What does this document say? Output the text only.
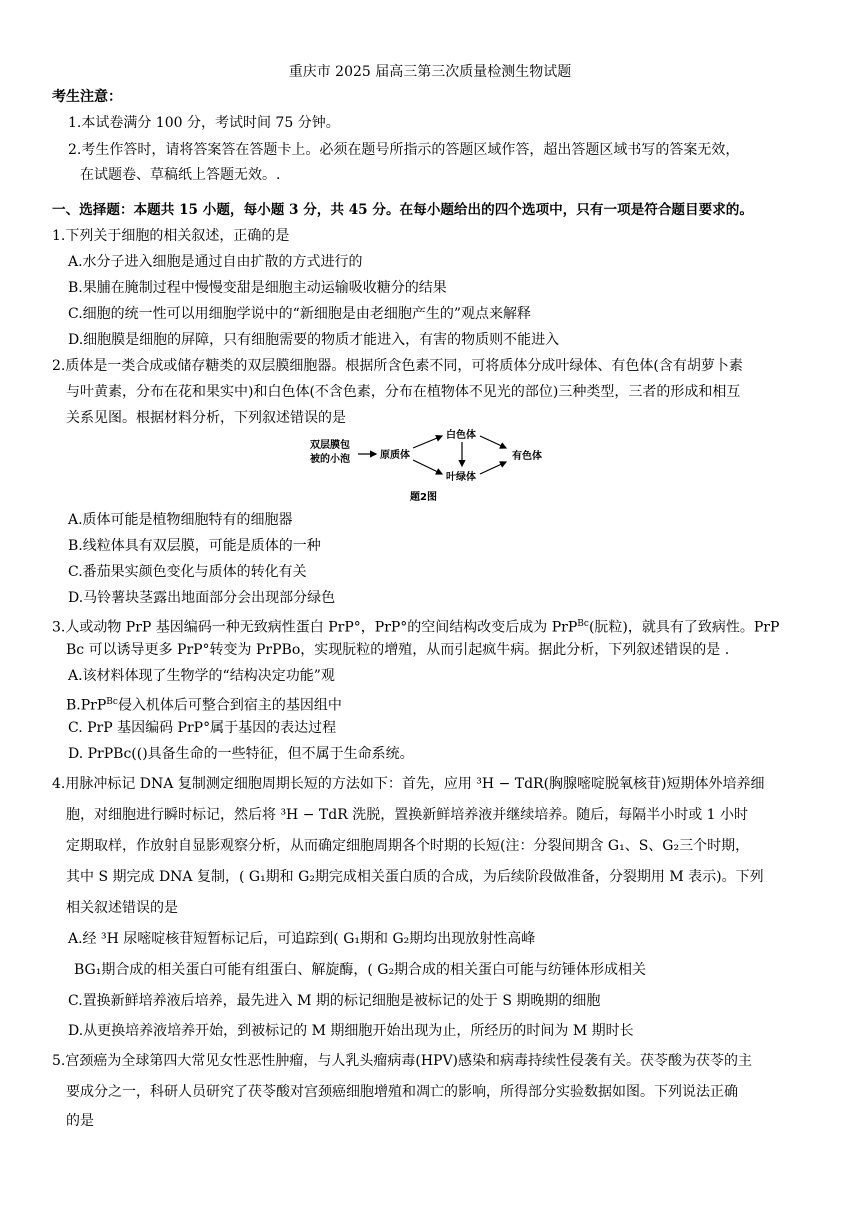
重庆市 2025 届高三第三次质量检测生物试题
考生注意：
1.本试卷满分 100 分，考试时间 75 分钟。
2.考生作答时，请将答案答在答题卡上。必须在题号所指示的答题区域作答，超出答题区域书写的答案无效，
在试题卷、草稿纸上答题无效。.
一、选择题：本题共 15 小题，每小题 3 分，共 45 分。在每小题给出的四个选项中，只有一项是符合题目要求的。
1.下列关于细胞的相关叙述，正确的是
A.水分子进入细胞是通过自由扩散的方式进行的
B.果脯在腌制过程中慢慢变甜是细胞主动运输吸收糖分的结果
C.细胞的统一性可以用细胞学说中的“新细胞是由老细胞产生的”观点来解释
D.细胞膜是细胞的屏障，只有细胞需要的物质才能进入，有害的物质则不能进入
2.质体是一类合成或储存糖类的双层膜细胞器。根据所含色素不同，可将质体分成叶绿体、有色体(含有胡萝卜素
与叶黄素，分布在花和果实中)和白色体(不含色素，分布在植物体不见光的部位)三种类型，三者的形成和相互
关系见图。根据材料分析，下列叙述错误的是
双层膜包
被的小泡	原质体
白色体
叶绿体
有色体
题2图
A.质体可能是植物细胞特有的细胞器
B.线粒体具有双层膜，可能是质体的一种
C.番茄果实颜色变化与质体的转化有关
D.马铃薯块茎露出地面部分会出现部分绿色
3.人或动物 PrP 基因编码一种无致病性蛋白 PrP°，PrP°的空间结构改变后成为 PrP$^{Bc}$(朊粒)，就具有了致病性。PrP
Bc 可以诱导更多 PrP°转变为 PrPBo，实现朊粒的增殖，从而引起疯牛病。据此分析，下列叙述错误的是 .
A.该材料体现了生物学的“结构决定功能”观
B.PrP$^{Bc}$侵入机体后可整合到宿主的基因组中
C. PrP 基因编码 PrP°属于基因的表达过程
D. PrPBc(()具备生命的一些特征，但不属于生命系统。
4.用脉冲标记 DNA 复制测定细胞周期长短的方法如下：首先，应用 ³H − TdR(胸腺嘧啶脱氧核苷)短期体外培养细
胞，对细胞进行瞬时标记，然后将 ³H − TdR 洗脱，置换新鲜培养液并继续培养。随后，每隔半小时或 1 小时
定期取样，作放射自显影观察分析，从而确定细胞周期各个时期的长短(注：分裂间期含 G₁、S、G₂三个时期，
其中 S 期完成 DNA 复制，( G₁期和 G₂期完成相关蛋白质的合成，为后续阶段做准备，分裂期用 M 表示)。下列
相关叙述错误的是
A.经 ³H 尿嘧啶核苷短暂标记后，可追踪到( G₁期和 G₂期均出现放射性高峰
BG₁期合成的相关蛋白可能有组蛋白、解旋酶，( G₂期合成的相关蛋白可能与纺锤体形成相关
C.置换新鲜培养液后培养，最先进入 M 期的标记细胞是被标记的处于 S 期晚期的细胞
D.从更换培养液培养开始，到被标记的 M 期细胞开始出现为止，所经历的时间为 M 期时长
5.宫颈癌为全球第四大常见女性恶性肿瘤，与人乳头瘤病毒(HPV)感染和病毒持续性侵袭有关。茯苓酸为茯苓的主
要成分之一，科研人员研究了茯苓酸对宫颈癌细胞增殖和凋亡的影响，所得部分实验数据如图。下列说法正确
的是
